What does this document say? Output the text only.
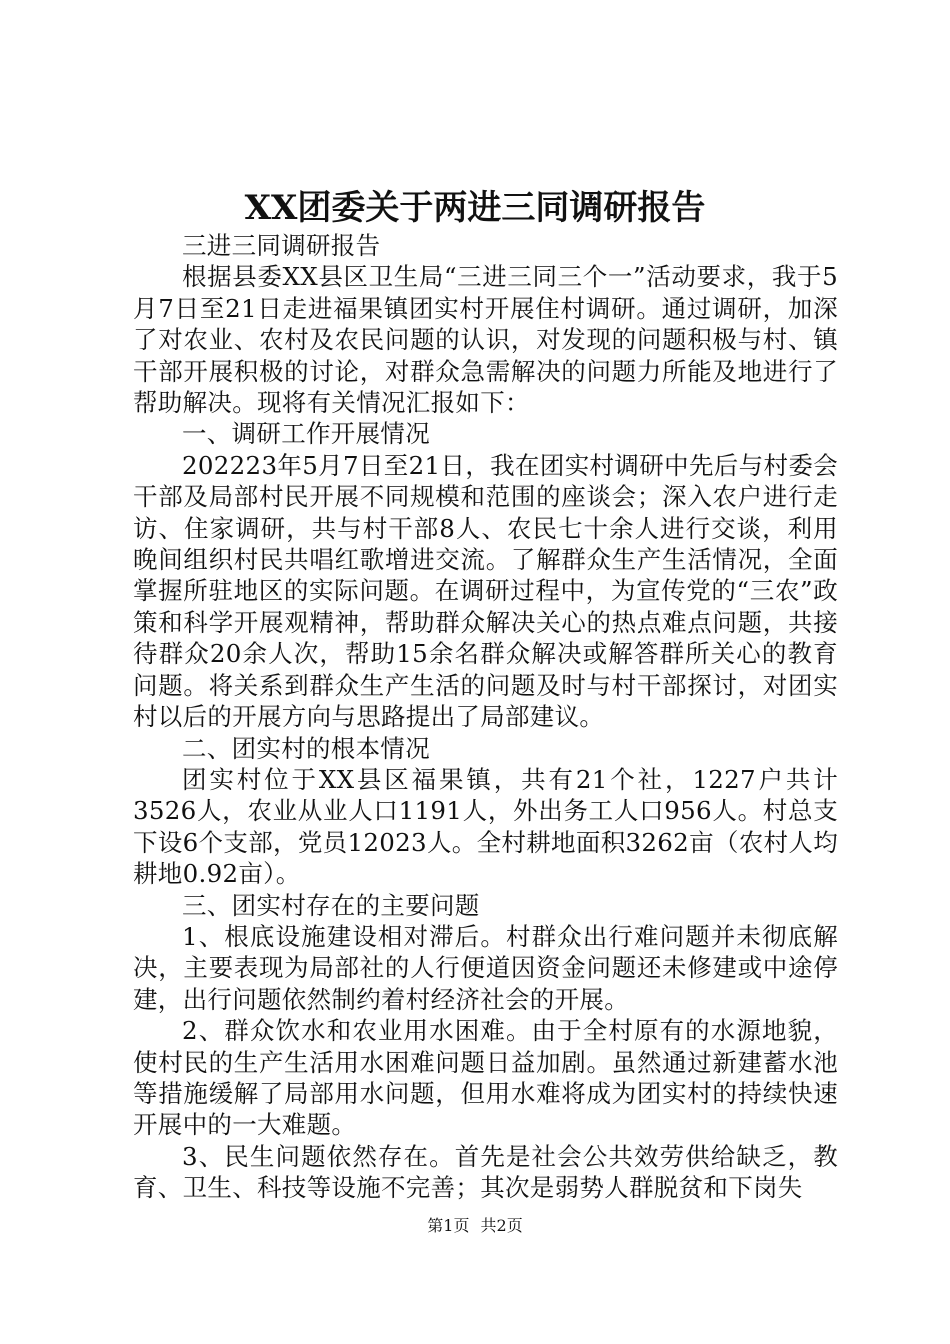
XX团委关于两进三同调研报告

三进三同调研报告

根据县委XX县区卫生局“三进三同三个一”活动要求，我于5月7日至21日走进福果镇团实村开展住村调研。通过调研，加深了对农业、农村及农民问题的认识，对发现的问题积极与村、镇干部开展积极的讨论，对群众急需解决的问题力所能及地进行了帮助解决。现将有关情况汇报如下：

一、调研工作开展情况

202223年5月7日至21日，我在团实村调研中先后与村委会干部及局部村民开展不同规模和范围的座谈会；深入农户进行走访、住家调研，共与村干部8人、农民七十余人进行交谈，利用晚间组织村民共唱红歌增进交流。了解群众生产生活情况，全面掌握所驻地区的实际问题。在调研过程中，为宣传党的“三农”政策和科学开展观精神，帮助群众解决关心的热点难点问题，共接待群众20余人次，帮助15余名群众解决或解答群所关心的教育问题。将关系到群众生产生活的问题及时与村干部探讨，对团实村以后的开展方向与思路提出了局部建议。

二、团实村的根本情况

团实村位于XX县区福果镇，共有21个社，1227户共计3526人，农业从业人口1191人，外出务工人口956人。村总支下设6个支部，党员12023人。全村耕地面积3262亩（农村人均耕地0.92亩）。

三、团实村存在的主要问题

1、根底设施建设相对滞后。村群众出行难问题并未彻底解决，主要表现为局部社的人行便道因资金问题还未修建或中途停建，出行问题依然制约着村经济社会的开展。

2、群众饮水和农业用水困难。由于全村原有的水源地貌，使村民的生产生活用水困难问题日益加剧。虽然通过新建蓄水池等措施缓解了局部用水问题，但用水难将成为团实村的持续快速开展中的一大难题。

3、民生问题依然存在。首先是社会公共效劳供给缺乏，教育、卫生、科技等设施不完善；其次是弱势人群脱贫和下岗失

第1页 共2页
